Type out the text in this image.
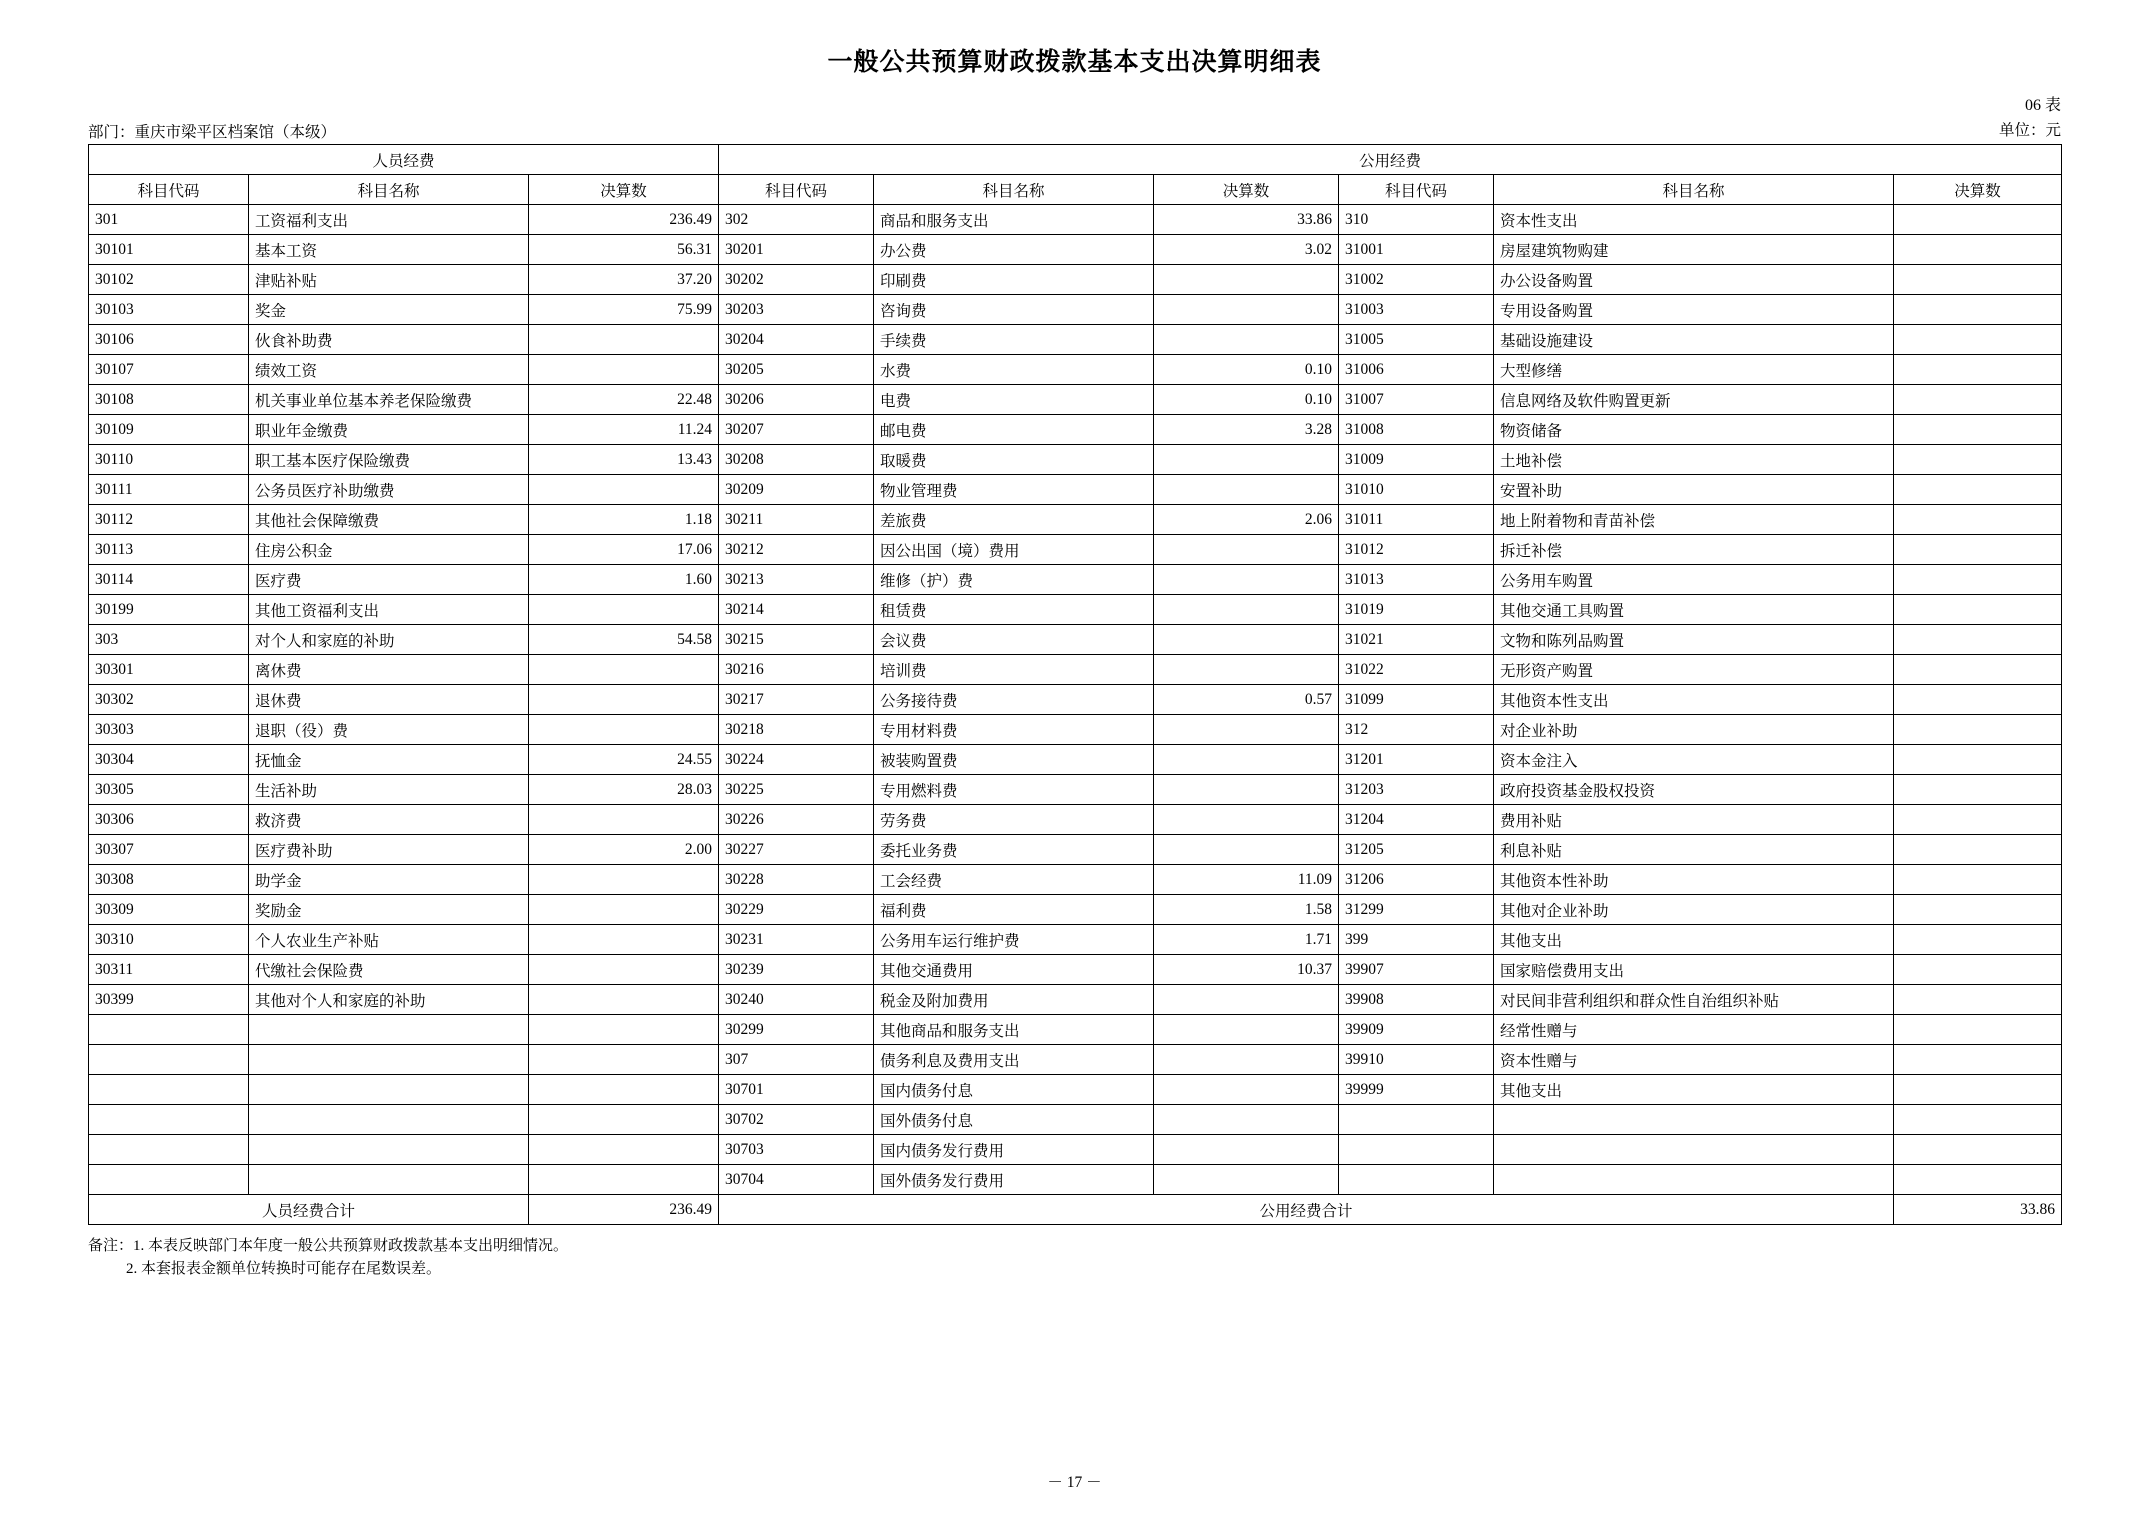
一般公共预算财政拨款基本支出决算明细表
部门：重庆市梁平区档案馆（本级）
06 表
单位：元
人员经费			公用经费					
科目代码	科目名称	决算数	科目代码	科目名称	决算数	科目代码	科目名称	决算数
301	工资福利支出	236.49	302	商品和服务支出	33.86	310	资本性支出	
30101	基本工资	56.31	30201	办公费	3.02	31001	房屋建筑物购建	
30102	津贴补贴	37.20	30202	印刷费		31002	办公设备购置	
30103	奖金	75.99	30203	咨询费		31003	专用设备购置	
30106	伙食补助费		30204	手续费		31005	基础设施建设	
30107	绩效工资		30205	水费	0.10	31006	大型修缮	
30108	机关事业单位基本养老保险缴费	22.48	30206	电费	0.10	31007	信息网络及软件购置更新	
30109	职业年金缴费	11.24	30207	邮电费	3.28	31008	物资储备	
30110	职工基本医疗保险缴费	13.43	30208	取暖费		31009	土地补偿	
30111	公务员医疗补助缴费		30209	物业管理费		31010	安置补助	
30112	其他社会保障缴费	1.18	30211	差旅费	2.06	31011	地上附着物和青苗补偿	
30113	住房公积金	17.06	30212	因公出国（境）费用		31012	拆迁补偿	
30114	医疗费	1.60	30213	维修（护）费		31013	公务用车购置	
30199	其他工资福利支出		30214	租赁费		31019	其他交通工具购置	
303	对个人和家庭的补助	54.58	30215	会议费		31021	文物和陈列品购置	
30301	离休费		30216	培训费		31022	无形资产购置	
30302	退休费		30217	公务接待费	0.57	31099	其他资本性支出	
30303	退职（役）费		30218	专用材料费		312	对企业补助	
30304	抚恤金	24.55	30224	被装购置费		31201	资本金注入	
30305	生活补助	28.03	30225	专用燃料费		31203	政府投资基金股权投资	
30306	救济费		30226	劳务费		31204	费用补贴	
30307	医疗费补助	2.00	30227	委托业务费		31205	利息补贴	
30308	助学金		30228	工会经费	11.09	31206	其他资本性补助	
30309	奖励金		30229	福利费	1.58	31299	其他对企业补助	
30310	个人农业生产补贴		30231	公务用车运行维护费	1.71	399	其他支出	
30311	代缴社会保险费		30239	其他交通费用	10.37	39907	国家赔偿费用支出	
30399	其他对个人和家庭的补助		30240	税金及附加费用		39908	对民间非营利组织和群众性自治组织补贴	
			30299	其他商品和服务支出		39909	经常性赠与	
			307	债务利息及费用支出		39910	资本性赠与	
			30701	国内债务付息		39999	其他支出	
			30702	国外债务付息				
			30703	国内债务发行费用				
			30704	国外债务发行费用				
人员经费合计		236.49	公用经费合计					33.86
备注：1. 本表反映部门本年度一般公共预算财政拨款基本支出明细情况。
2. 本套报表金额单位转换时可能存在尾数误差。
－ 17 －
